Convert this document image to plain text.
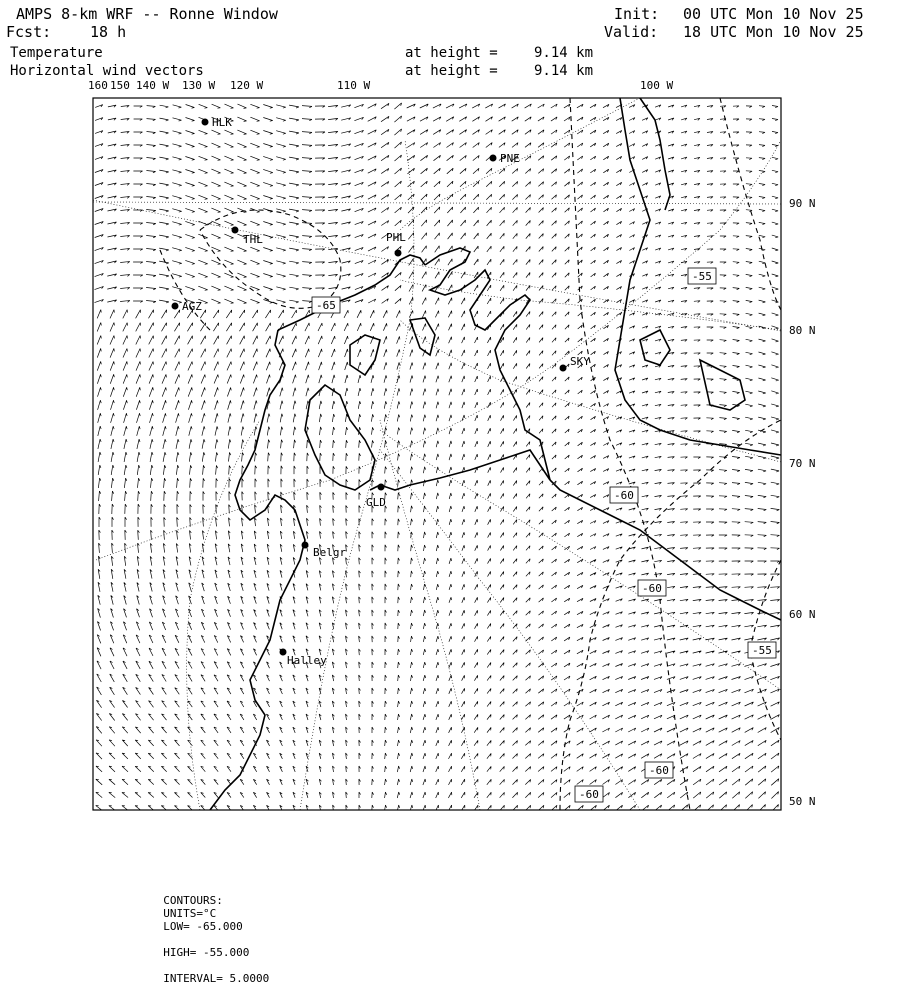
AMPS 8-km WRF -- Ronne Window
Fcst:	18 h
Init: 00 UTC Mon 10 Nov 25
Valid: 18 UTC Mon 10 Nov 25
Temperature
Horizontal wind vectors
at height =	9.14 km
at height =	9.14 km
160 150 140 W 130 W 120 W	110 W	100 W
90 N
80 N
70 N
60 N
50 N
-55
-65
-60
-60
-60
-60
-55
HLK
PNE
THL	PHL
AGZ
SKY
GLD
Belgr
Halley

CONTOURS:
UNITS=°C
LOW= -65.000

HIGH= -55.000

INTERVAL= 5.0000
